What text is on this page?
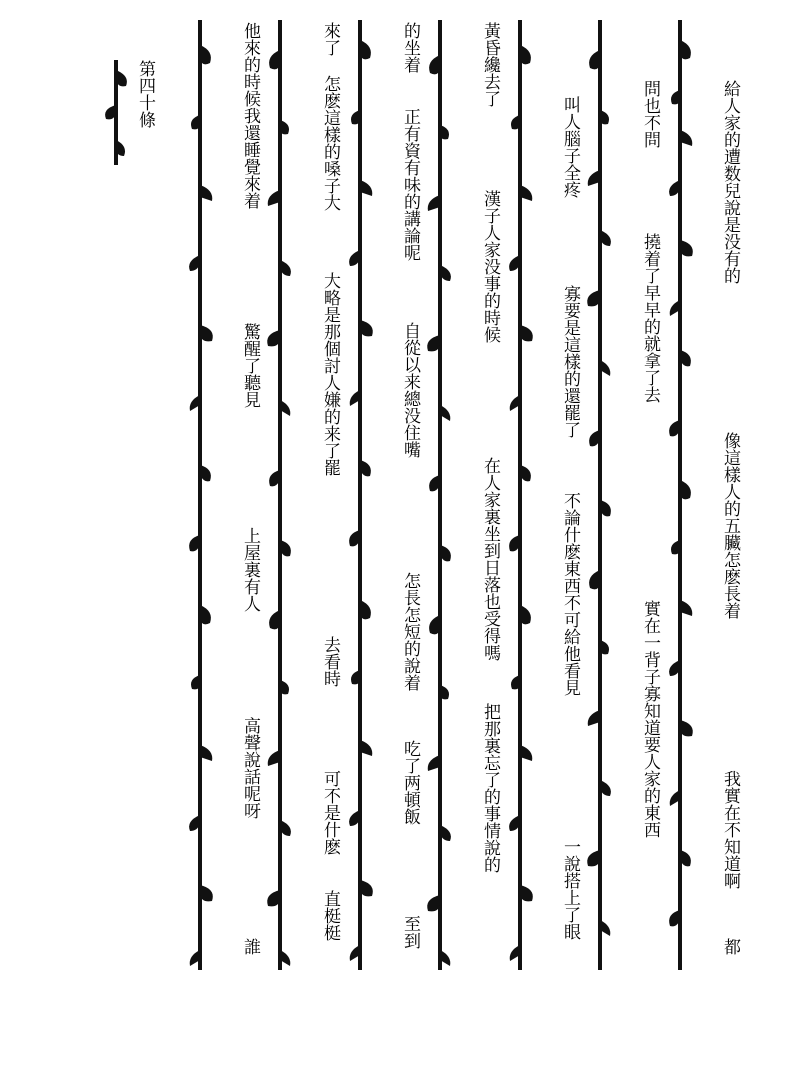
給人家的遭数兒說是没有的
像這樣人的五臟怎麽長着
我實在不知道啊
都
問也不問
撓着了早早的就拿了去
實在一背子寡知道要人家的東西
叫人腦子全疼
寡要是這樣的還罷了
不論什麽東西不可給他看見
一說搭上了眼
黃昏纔去了
漢子人家没事的時候
在人家裏坐到日落也受得嗎
把那裏忘了的事情說的
的坐着
正有資有味的講論呢
自從以来總没住嘴
怎長怎短的說着
吃了两頓飯
至到
來了
怎麽這樣的嗓子大
大略是那個討人嫌的来了罷
去看時
可不是什麽
直梃梃
他來的時候我還睡覺來着
驚醒了聽見
上屋裏有人
高聲說話呢呀
誰
第四十條
